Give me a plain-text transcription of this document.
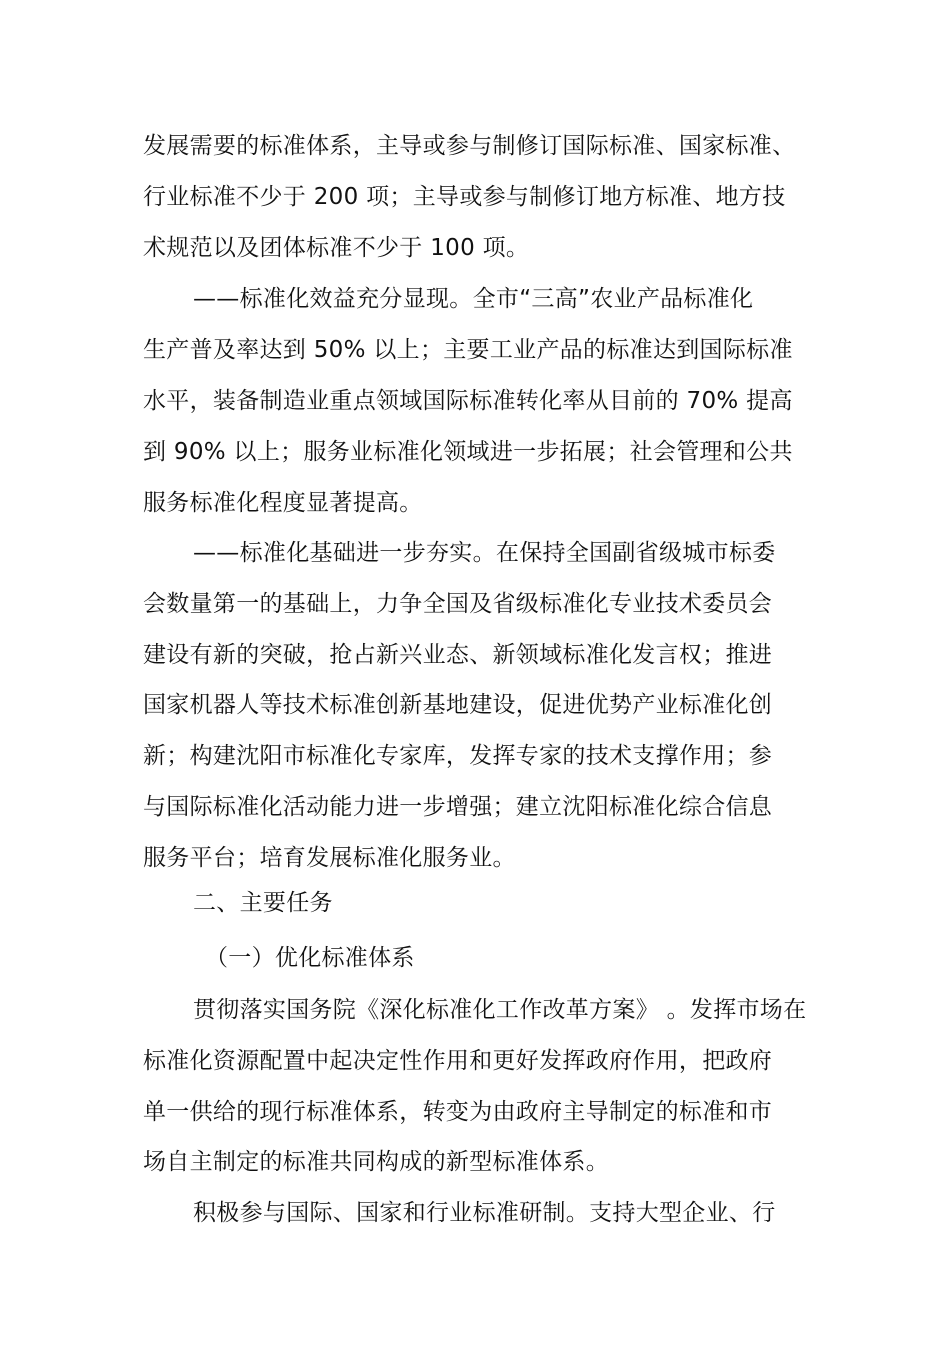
发展需要的标准体系，主导或参与制修订国际标准、国家标准、

行业标准不少于 200 项；主导或参与制修订地方标准、地方技

术规范以及团体标准不少于 100 项。

——标准化效益充分显现。全市“三高”农业产品标准化

生产普及率达到 50% 以上；主要工业产品的标准达到国际标准

水平，装备制造业重点领域国际标准转化率从目前的 70% 提高

到 90% 以上；服务业标准化领域进一步拓展；社会管理和公共

服务标准化程度显著提高。

——标准化基础进一步夯实。在保持全国副省级城市标委

会数量第一的基础上，力争全国及省级标准化专业技术委员会

建设有新的突破，抢占新兴业态、新领域标准化发言权；推进

国家机器人等技术标准创新基地建设，促进优势产业标准化创

新；构建沈阳市标准化专家库，发挥专家的技术支撑作用；参

与国际标准化活动能力进一步增强；建立沈阳标准化综合信息

服务平台；培育发展标准化服务业。

二、主要任务

（一）优化标准体系

贯彻落实国务院《深化标准化工作改革方案》 。发挥市场在

标准化资源配置中起决定性作用和更好发挥政府作用，把政府

单一供给的现行标准体系，转变为由政府主导制定的标准和市

场自主制定的标准共同构成的新型标准体系。

积极参与国际、国家和行业标准研制。支持大型企业、行
